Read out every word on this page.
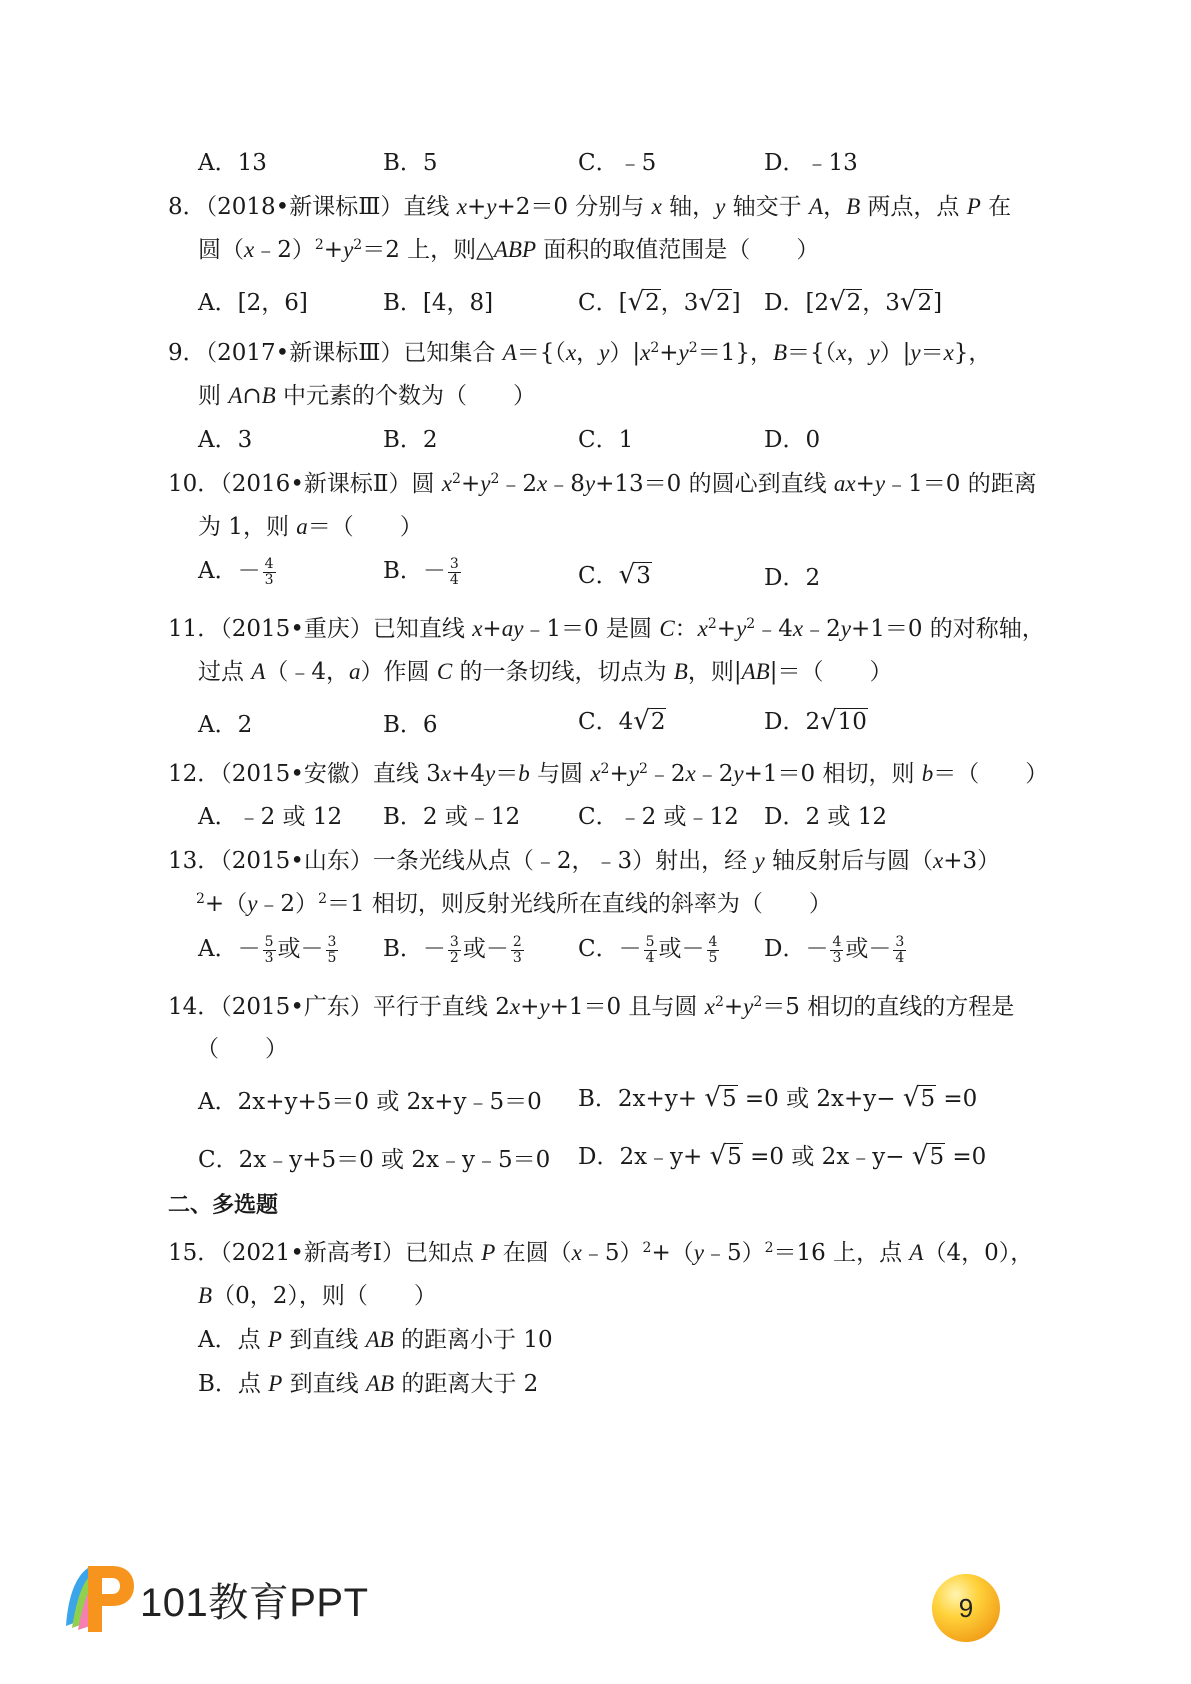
A．13	B．5	C．﹣5	D．﹣13
8．（2018•新课标Ⅲ）直线 x+y+2＝0 分别与 x 轴，y 轴交于 A，B 两点，点 P 在
圆$(x﹣2)^2+y^2=2$ 上，则△ABP 面积的取值范围是（　　）
A．[2，6]	B．[4，8]	C．[√2，3√2] D．[2√2，3√2]
9．（2017•新课标Ⅲ）已知集合 A＝{（x，$y)|x^2+y^2=1$}，B＝{（x，y）|y＝x}，
则 A∩B 中元素的个数为（　　）
A．3	B．2	C．1	D．0
10．（2016•新课标Ⅱ）圆 $x^2+y^2﹣2x﹣8y+13=0$ 的圆心到直线 ax+y﹣1＝0 的距离
为 1，则 a＝（　　）
A．－ $\frac{4}{3}$	B．－ $\frac{3}{4}$	C．√3	D．2
11．（2015•重庆）已知直线 x+ay﹣1＝0 是圆 C：$x^2+y^2﹣4x﹣2y+1=0$ 的对称轴，
过点 A（﹣4，a）作圆 C 的一条切线，切点为 B，则|AB|＝（　　）
A．2	B．6	C．4√2	D．2√10
12．（2015•安徽）直线 3x+4y＝b 与圆 $x^2+y^2﹣2x﹣2y+1=0$ 相切，则 b＝（　　）
A．﹣2 或 12 B．2 或﹣12	C．﹣2 或﹣12 D．2 或 12
13．（2015•山东）一条光线从点（﹣2，﹣3）射出，经 y 轴反射后与圆（x+3）
$^2$+（y﹣2）$^2$＝1 相切，则反射光线所在直线的斜率为（　　）
A．－ $\frac{5}{3}$ 或－ $\frac{3}{5}$ B．－ $\frac{3}{2}$ 或－ $\frac{2}{3}$ C．－ $\frac{5}{4}$ 或－ $\frac{4}{5}$ D．－ $\frac{4}{3}$ 或－ $\frac{3}{4}$
14．（2015•广东）平行于直线 2x+y+1＝0 且与圆 $x^2+y^2=5$ 相切的直线的方程是
（　　）
A．2x+y+5＝0 或 2x+y﹣5＝0 B．2x+y+ √5 =0 或 2x+y− √5 =0
C．2x﹣y+5＝0 或 2x﹣y﹣5＝0 D．2x﹣y+ √5 =0 或 2x﹣y− √5 =0
二、多选题
15．（2021•新高考Ⅰ）已知点 P 在圆（x﹣5）$^2$+（y﹣5）$^2$＝16 上，点 A（4，0），
B（0，2），则（　　）
A．点 P 到直线 AB 的距离小于 10
B．点 P 到直线 AB 的距离大于 2
101教育PPT	9
